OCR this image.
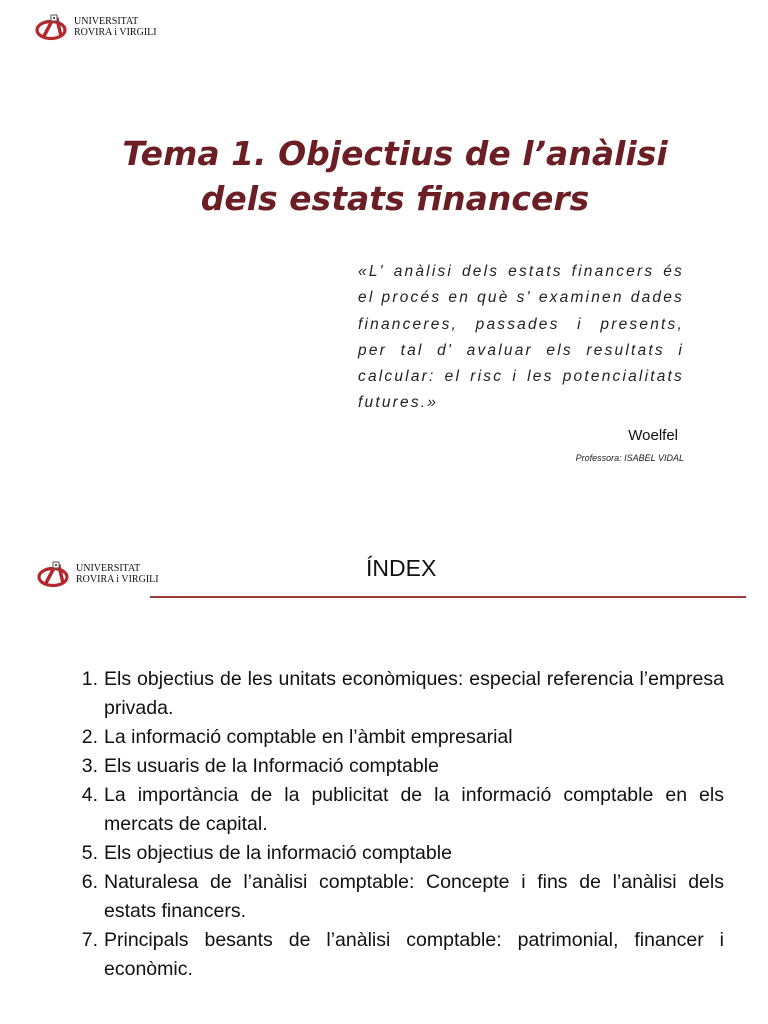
UNIVERSITAT
ROVIRA i VIRGILI
Tema 1. Objectius de l’anàlisi
dels estats financers

«L' anàlisi dels estats financers és el procés en què s' examinen dades financeres, passades i presents, per tal d' avaluar els resultats i calcular: el risc i les potencialitats futures.»

Woelfel
Professora: ISABEL VIDAL
UNIVERSITAT
ROVIRA i VIRGILI	ÍNDEX
1. Els objectius de les unitats econòmiques: especial referencia l’empresa privada.
2. La informació comptable en l’àmbit empresarial
3. Els usuaris de la Informació comptable
4. La importància de la publicitat de la informació comptable en els mercats de capital.
5. Els objectius de la informació comptable
6. Naturalesa de l’anàlisi comptable: Concepte i fins de l’anàlisi dels estats financers.
7. Principals besants de l’anàlisi comptable: patrimonial, financer i econòmic.
